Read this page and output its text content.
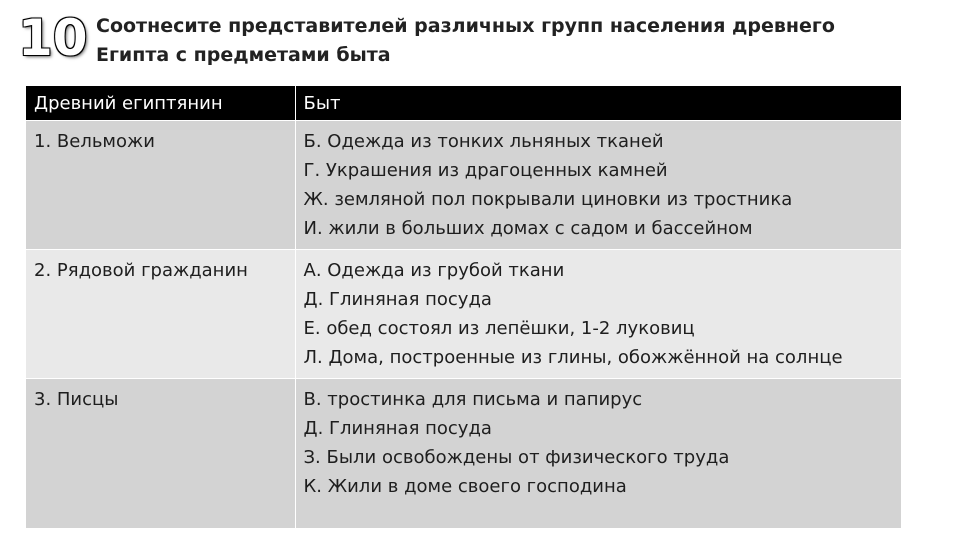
10 Соотнесите представителей различных групп населения древнего
Египта с предметами быта
Древний египтянин	Быт
1. Вельможи	Б. Одежда из тонких льняных тканей
Г. Украшения из драгоценных камней
Ж. земляной пол покрывали циновки из тростника
И. жили в больших домах с садом и бассейном

2. Рядовой гражданин	А. Одежда из грубой ткани
Д. Глиняная посуда
Е. обед состоял из лепёшки, 1-2 луковиц
Л. Дома, построенные из глины, обожжённой на солнце

3. Писцы	В. тростинка для письма и папирус
Д. Глиняная посуда
З. Были освобождены от физического труда
К. Жили в доме своего господина
